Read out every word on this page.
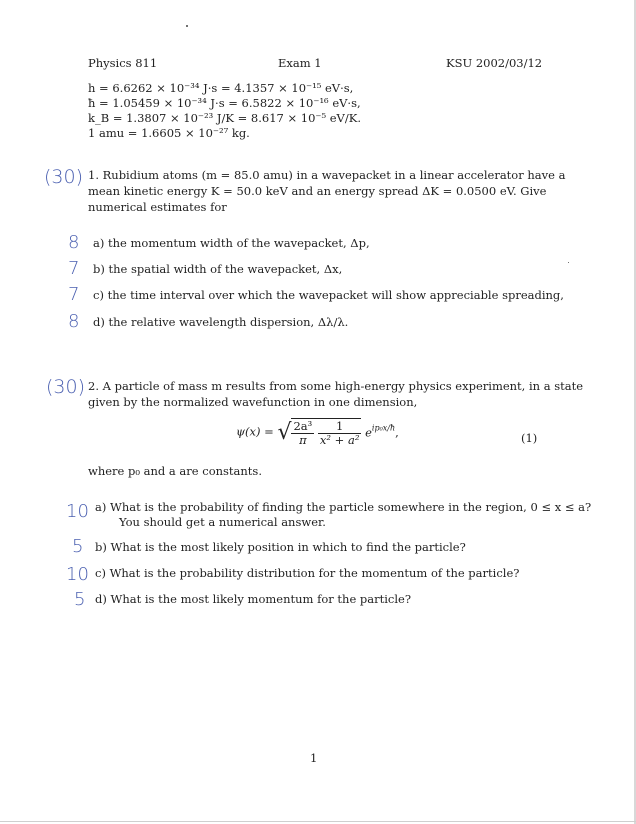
Physics 811	Exam 1	KSU 2002/03/12
h = 6.6262 × 10⁻³⁴ J·s = 4.1357 × 10⁻¹⁵ eV·s,
ħ = 1.05459 × 10⁻³⁴ J·s = 6.5822 × 10⁻¹⁶ eV·s,
k_B = 1.3807 × 10⁻²³ J/K = 8.617 × 10⁻⁵ eV/K.
1 amu = 1.6605 × 10⁻²⁷ kg.
(30) 1. Rubidium atoms (m = 85.0 amu) in a wavepacket in a linear accelerator have a
mean kinetic energy K = 50.0 keV and an energy spread ΔK = 0.0500 eV. Give
numerical estimates for
8 a) the momentum width of the wavepacket, Δp,
7 b) the spatial width of the wavepacket, Δx,
7 c) the time interval over which the wavepacket will show appreciable spreading,
8 d) the relative wavelength dispersion, Δλ/λ.
(30) 2. A particle of mass m results from some high-energy physics experiment, in a state
given by the normalized wavefunction in one dimension,
ψ(x) = √ $\frac{\text{2a³}}{\pi}$
$\frac{1}{\text{x² + a²}} e^{ip_0x/ħ}$,	(1)
where p₀ and a are constants.
10 a) What is the probability of finding the particle somewhere in the region, 0 ≤ x ≤ a?
You should get a numerical answer.
5 b) What is the most likely position in which to find the particle?
10 c) What is the probability distribution for the momentum of the particle?
5 d) What is the most likely momentum for the particle?
1
